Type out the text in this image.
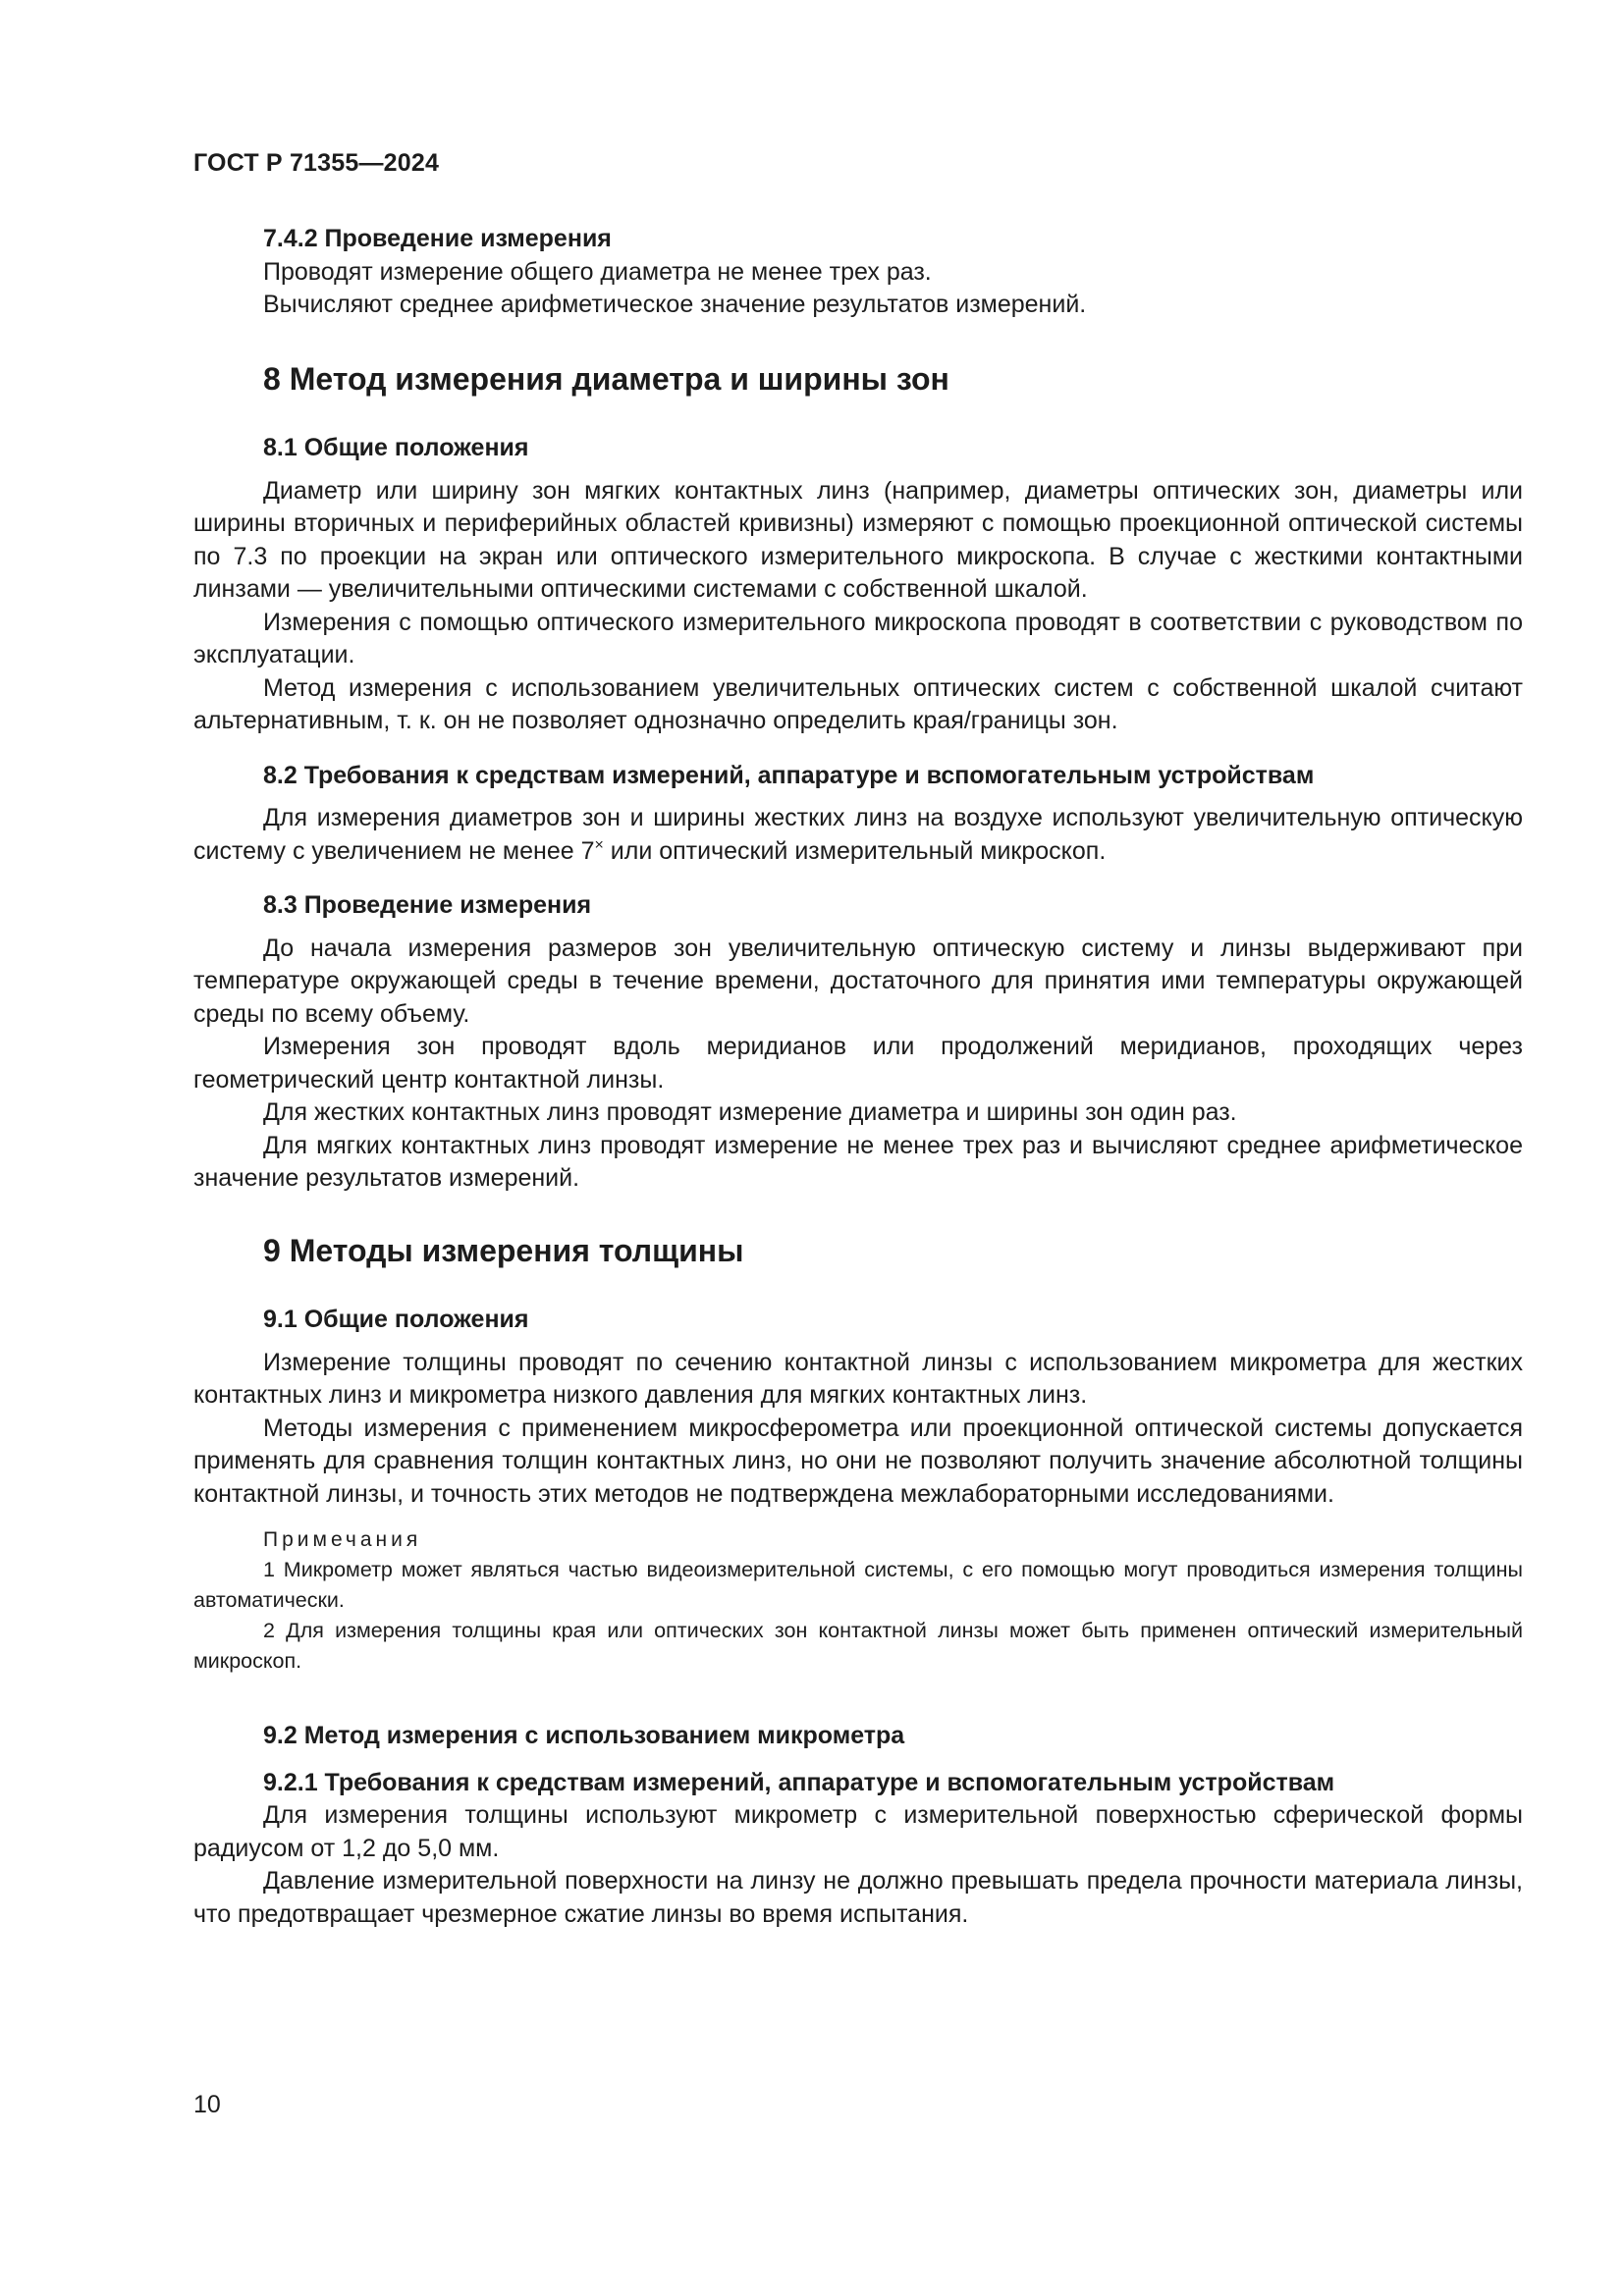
ГОСТ Р 71355—2024
7.4.2 Проведение измерения
Проводят измерение общего диаметра не менее трех раз.
Вычисляют среднее арифметическое значение результатов измерений.
8 Метод измерения диаметра и ширины зон
8.1 Общие положения
Диаметр или ширину зон мягких контактных линз (например, диаметры оптических зон, диаметры или ширины вторичных и периферийных областей кривизны) измеряют с помощью проекционной оптической системы по 7.3 по проекции на экран или оптического измерительного микроскопа. В случае с жесткими контактными линзами — увеличительными оптическими системами с собственной шкалой.
Измерения с помощью оптического измерительного микроскопа проводят в соответствии с руководством по эксплуатации.
Метод измерения с использованием увеличительных оптических систем с собственной шкалой считают альтернативным, т. к. он не позволяет однозначно определить края/границы зон.
8.2 Требования к средствам измерений, аппаратуре и вспомогательным устройствам
Для измерения диаметров зон и ширины жестких линз на воздухе используют увеличительную оптическую систему с увеличением не менее 7× или оптический измерительный микроскоп.
8.3 Проведение измерения
До начала измерения размеров зон увеличительную оптическую систему и линзы выдерживают при температуре окружающей среды в течение времени, достаточного для принятия ими температуры окружающей среды по всему объему.
Измерения зон проводят вдоль меридианов или продолжений меридианов, проходящих через геометрический центр контактной линзы.
Для жестких контактных линз проводят измерение диаметра и ширины зон один раз.
Для мягких контактных линз проводят измерение не менее трех раз и вычисляют среднее арифметическое значение результатов измерений.
9 Методы измерения толщины
9.1 Общие положения
Измерение толщины проводят по сечению контактной линзы с использованием микрометра для жестких контактных линз и микрометра низкого давления для мягких контактных линз.
Методы измерения с применением микросферометра или проекционной оптической системы допускается применять для сравнения толщин контактных линз, но они не позволяют получить значение абсолютной толщины контактной линзы, и точность этих методов не подтверждена межлабораторными исследованиями.
Примечания
1 Микрометр может являться частью видеоизмерительной системы, с его помощью могут проводиться измерения толщины автоматически.
2 Для измерения толщины края или оптических зон контактной линзы может быть применен оптический измерительный микроскоп.
9.2 Метод измерения с использованием микрометра
9.2.1 Требования к средствам измерений, аппаратуре и вспомогательным устройствам
Для измерения толщины используют микрометр с измерительной поверхностью сферической формы радиусом от 1,2 до 5,0 мм.
Давление измерительной поверхности на линзу не должно превышать предела прочности материала линзы, что предотвращает чрезмерное сжатие линзы во время испытания.
10
